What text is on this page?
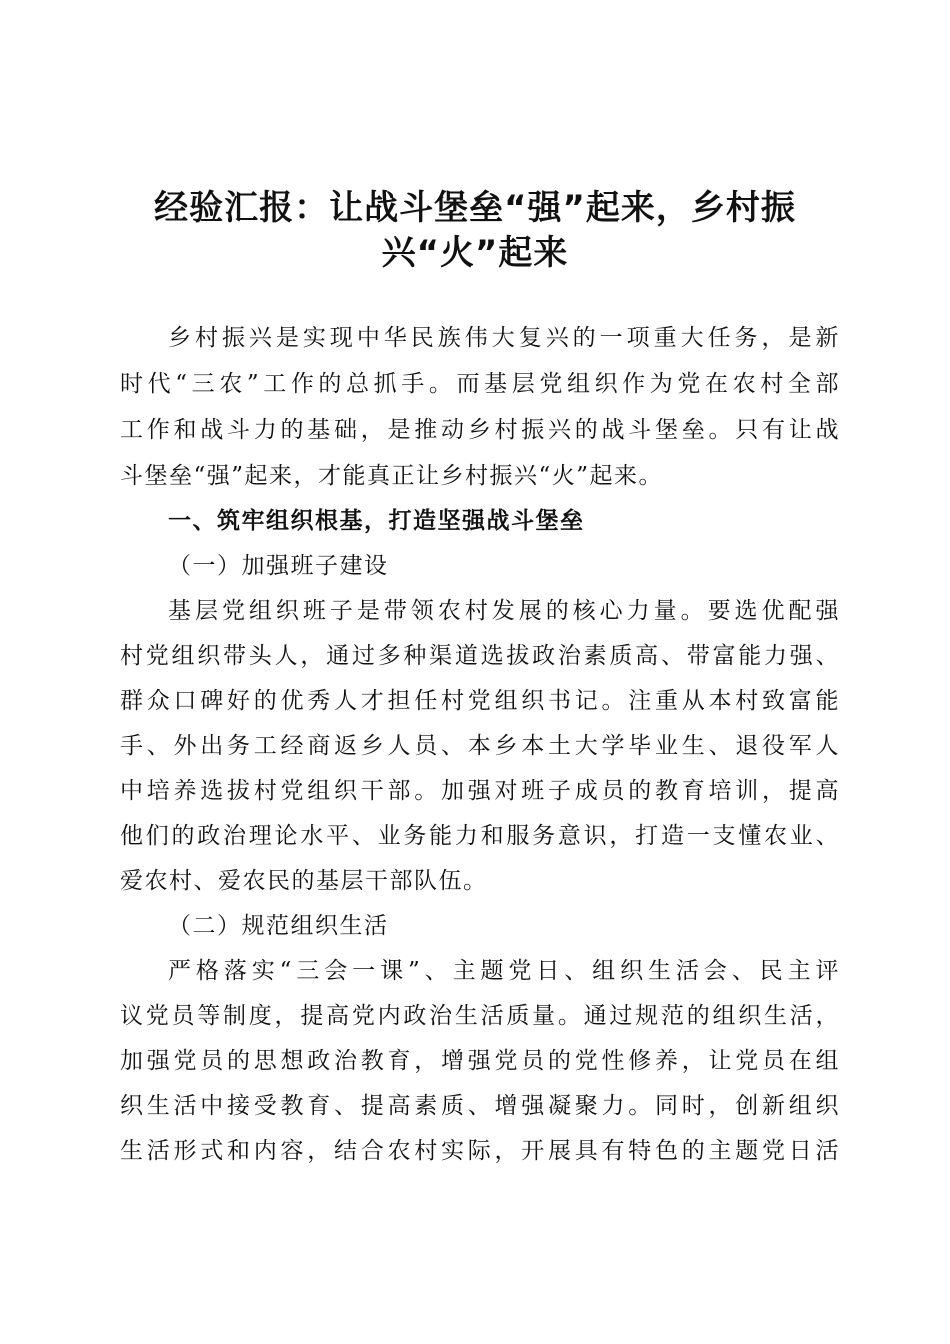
经验汇报：让战斗堡垒“强”起来，乡村振
兴“火”起来
乡村振兴是实现中华民族伟大复兴的一项重大任务，是新
时代“三农”工作的总抓手。而基层党组织作为党在农村全部
工作和战斗力的基础，是推动乡村振兴的战斗堡垒。只有让战
斗堡垒“强”起来，才能真正让乡村振兴“火”起来。
一、筑牢组织根基，打造坚强战斗堡垒
（一）加强班子建设
基层党组织班子是带领农村发展的核心力量。要选优配强
村党组织带头人，通过多种渠道选拔政治素质高、带富能力强、
群众口碑好的优秀人才担任村党组织书记。注重从本村致富能
手、外出务工经商返乡人员、本乡本土大学毕业生、退役军人
中培养选拔村党组织干部。加强对班子成员的教育培训，提高
他们的政治理论水平、业务能力和服务意识，打造一支懂农业、
爱农村、爱农民的基层干部队伍。
（二）规范组织生活
严格落实“三会一课”、主题党日、组织生活会、民主评
议党员等制度，提高党内政治生活质量。通过规范的组织生活，
加强党员的思想政治教育，增强党员的党性修养，让党员在组
织生活中接受教育、提高素质、增强凝聚力。同时，创新组织
生活形式和内容，结合农村实际，开展具有特色的主题党日活
